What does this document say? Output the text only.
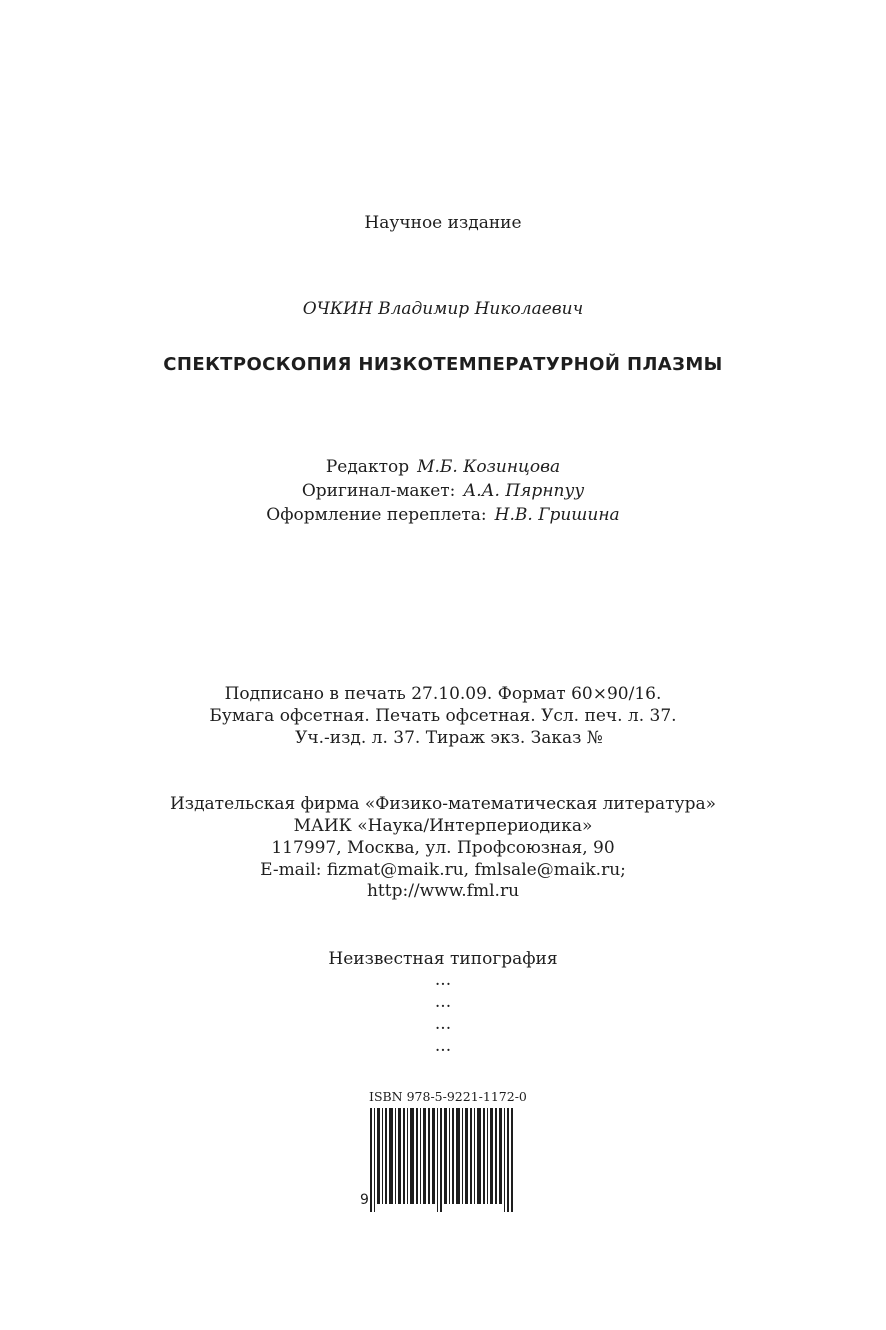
Научное издание
ОЧКИН Владимир Николаевич
СПЕКТРОСКОПИЯ НИЗКОТЕМПЕРАТУРНОЙ ПЛАЗМЫ
Редактор М.Б. Козинцова
Оригинал-макет: А.А. Пярнпуу
Оформление переплета: Н.В. Гришина
Подписано в печать 27.10.09. Формат 60×90/16.
Бумага офсетная. Печать офсетная. Усл. печ. л. 37.
Уч.-изд. л. 37. Тираж экз. Заказ №
Издательская фирма «Физико-математическая литература»
МАИК «Наука/Интерпериодика»
117997, Москва, ул. Профсоюзная, 90
E-mail: fizmat@maik.ru, fmlsale@maik.ru;
http://www.fml.ru
Неизвестная типография
...
...
...
...
ISBN 978-5-9221-1172-0
9
